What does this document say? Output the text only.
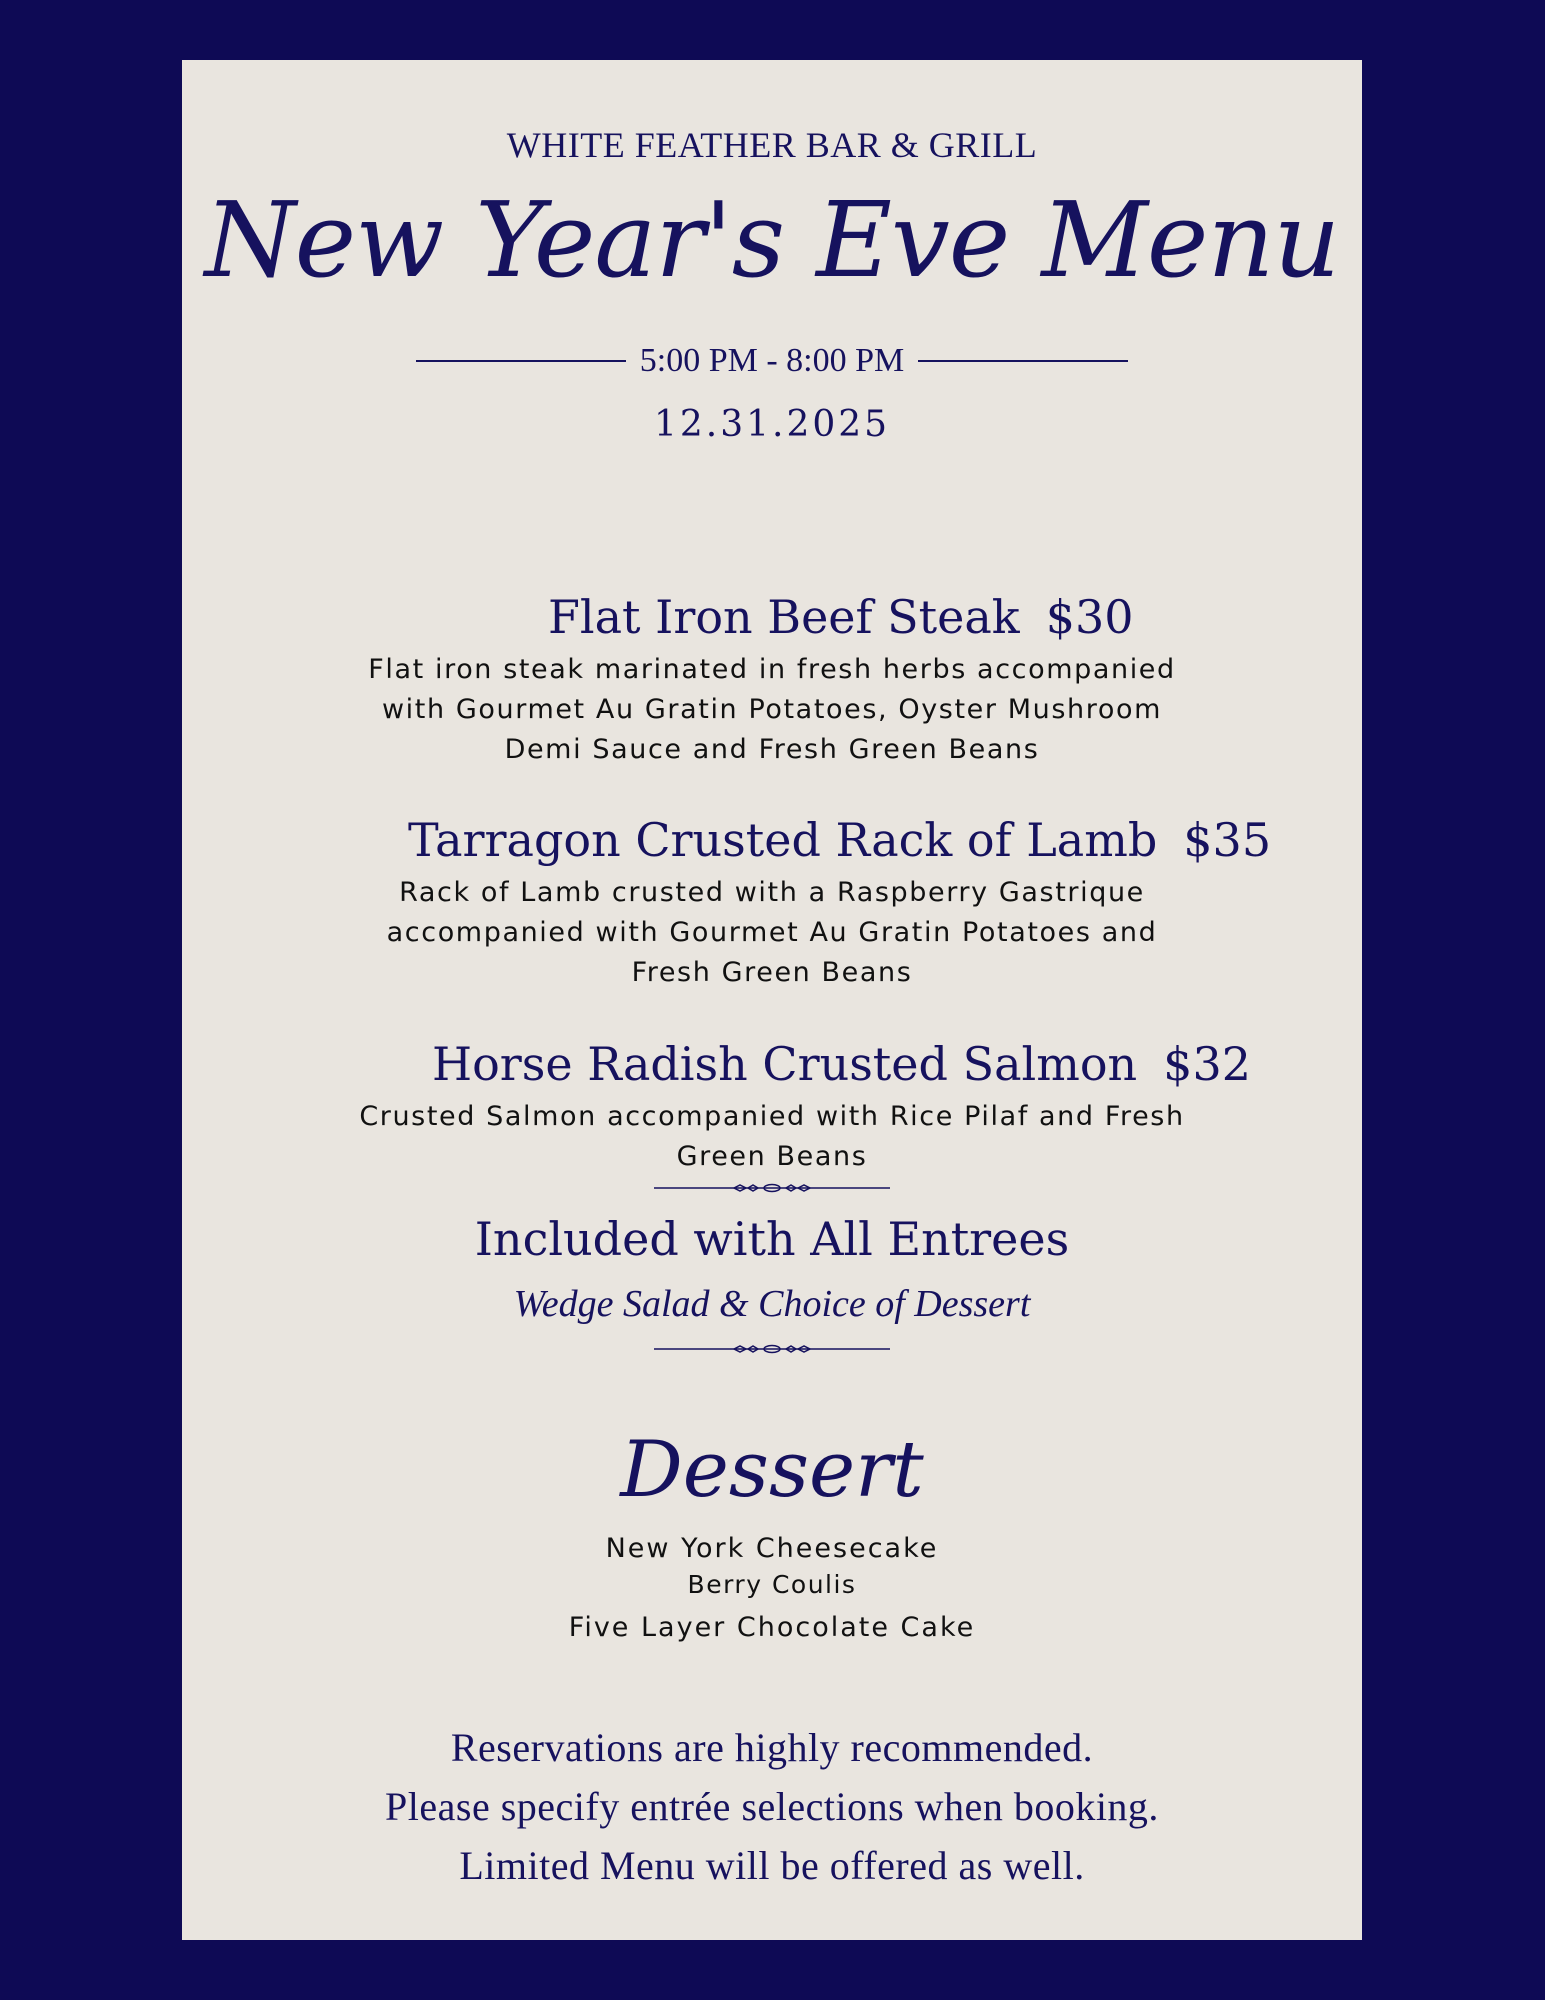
WHITE FEATHER BAR & GRILL
New Year's Eve Menu
5:00 PM - 8:00 PM
12.31.2025
Flat Iron Beef Steak $30
Flat iron steak marinated in fresh herbs accompanied
with Gourmet Au Gratin Potatoes, Oyster Mushroom
Demi Sauce and Fresh Green Beans
Tarragon Crusted Rack of Lamb $35
Rack of Lamb crusted with a Raspberry Gastrique
accompanied with Gourmet Au Gratin Potatoes and
Fresh Green Beans
Horse Radish Crusted Salmon $32
Crusted Salmon accompanied with Rice Pilaf and Fresh
Green Beans
Included with All Entrees
Wedge Salad & Choice of Dessert
Dessert
New York Cheesecake
Berry Coulis
Five Layer Chocolate Cake
Reservations are highly recommended.
Please specify entrée selections when booking.
Limited Menu will be offered as well.
